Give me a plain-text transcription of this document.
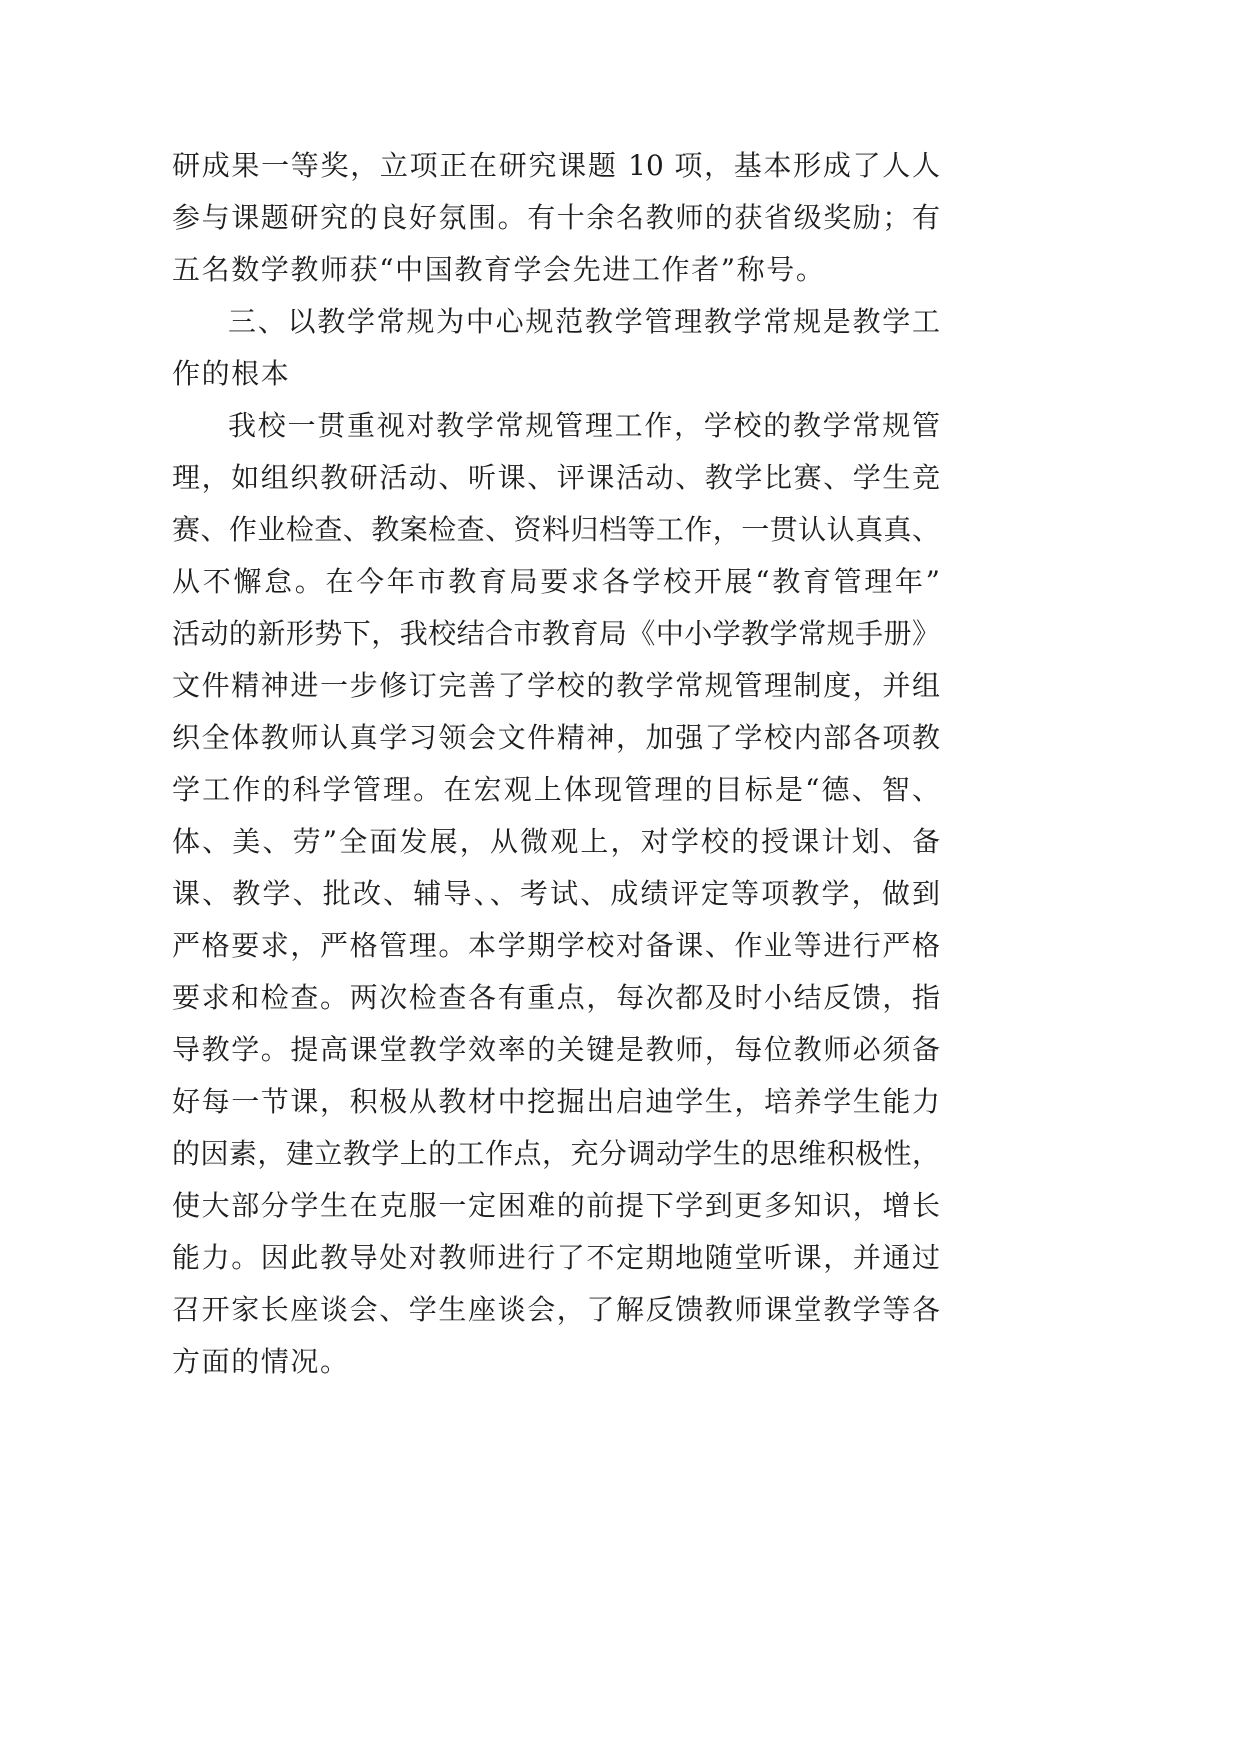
研成果一等奖，立项正在研究课题 10 项，基本形成了人人
参与课题研究的良好氛围。有十余名教师的获省级奖励；有
五名数学教师获“中国教育学会先进工作者”称号。
三、以教学常规为中心规范教学管理教学常规是教学工
作的根本
我校一贯重视对教学常规管理工作，学校的教学常规管
理，如组织教研活动、听课、评课活动、教学比赛、学生竞
赛、作业检查、教案检查、资料归档等工作，一贯认认真真、
从不懈怠。在今年市教育局要求各学校开展“教育管理年”
活动的新形势下，我校结合市教育局《中小学教学常规手册》
文件精神进一步修订完善了学校的教学常规管理制度，并组
织全体教师认真学习领会文件精神，加强了学校内部各项教
学工作的科学管理。在宏观上体现管理的目标是“德、智、
体、美、劳”全面发展，从微观上，对学校的授课计划、备
课、教学、批改、辅导、、考试、成绩评定等项教学，做到
严格要求，严格管理。本学期学校对备课、作业等进行严格
要求和检查。两次检查各有重点，每次都及时小结反馈，指
导教学。提高课堂教学效率的关键是教师，每位教师必须备
好每一节课，积极从教材中挖掘出启迪学生，培养学生能力
的因素，建立教学上的工作点，充分调动学生的思维积极性，
使大部分学生在克服一定困难的前提下学到更多知识，增长
能力。因此教导处对教师进行了不定期地随堂听课，并通过
召开家长座谈会、学生座谈会，了解反馈教师课堂教学等各
方面的情况。
